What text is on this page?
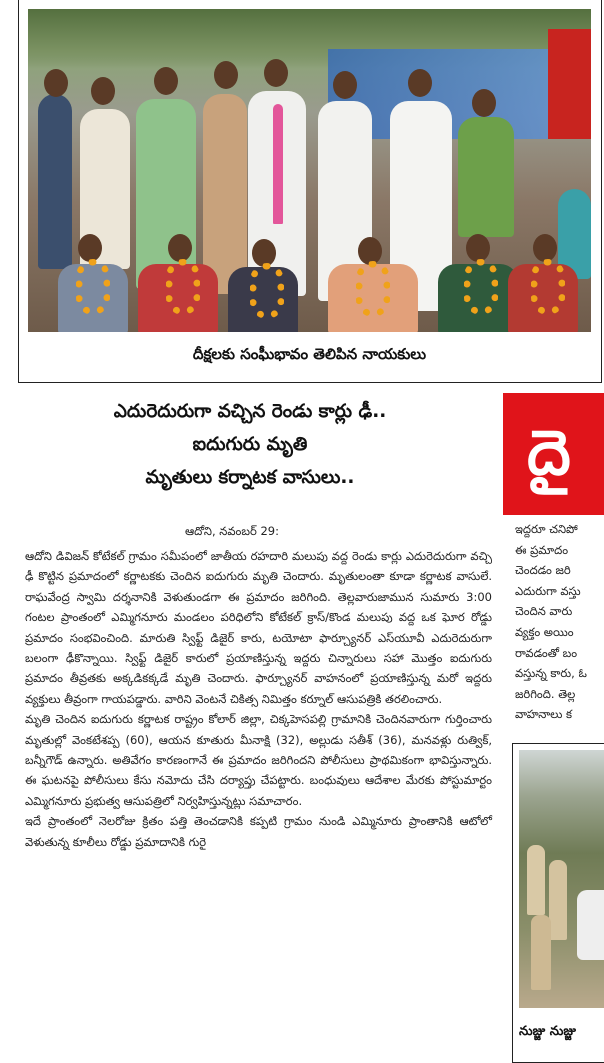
దీక్షలకు సంఘీభావం తెలిపిన నాయకులు
ఎదురెదురుగా వచ్చిన రెండు కార్లు ఢీ..
ఐదుగురు మృతి
మృతులు కర్నాటక వాసులు..
ఆదోని, నవంబర్ 29:

ఆదోని డివిజన్ కోటేకల్ గ్రామం సమీపంలో జాతీయ రహదారి మలుపు వద్ద రెండు కార్లు ఎదురెదురుగా వచ్చి ఢీ కొట్టిన ప్రమాదంలో కర్ణాటకకు చెందిన ఐదుగురు మృతి చెందారు. మృతులంతా కూడా కర్ణాటక వాసులే. రాఘవేంద్ర స్వామి దర్శనానికి వెళుతుండగా ఈ ప్రమాదం జరిగింది. తెల్లవారుజామున సుమారు 3:00 గంటల ప్రాంతంలో ఎమ్మిగనూరు మండలం పరిధిలోని కోటేకల్ క్రాస్/కొండ మలుపు వద్ద ఒక ఘోర రోడ్డు ప్రమాదం సంభవించింది. మారుతి స్విఫ్ట్ డిజైర్ కారు, టయోటా ఫార్చ్యూనర్ ఎస్‌యూవీ ఎదురెదురుగా బలంగా ఢీకొన్నాయి. స్విఫ్ట్ డిజైర్ కారులో ప్రయాణిస్తున్న ఇద్దరు చిన్నారులు సహా మొత్తం ఐదుగురు ప్రమాదం తీవ్రతకు అక్కడికక్కడే మృతి చెందారు. ఫార్చ్యూనర్ వాహనంలో ప్రయాణిస్తున్న మరో ఇద్దరు వ్యక్తులు తీవ్రంగా గాయపడ్డారు. వారిని వెంటనే చికిత్స నిమిత్తం కర్నూల్ ఆసుపత్రికి తరలించారు.

మృతి చెందిన ఐదుగురు కర్ణాటక రాష్ట్రం కోలార్ జిల్లా, చిక్కహెసపల్లి గ్రామానికి చెందినవారుగా గుర్తించారు మృతుల్లో వెంకటేశప్ప (60), ఆయన కూతురు మీనాక్షి (32), అల్లుడు సతీశ్ (36), మనవళ్లు రుత్విక్, బన్నీగౌడ్ ఉన్నారు. అతివేగం కారణంగానే ఈ ప్రమాదం జరిగిందని పోలీసులు ప్రాథమికంగా భావిస్తున్నారు. ఈ ఘటనపై పోలీసులు కేసు నమోదు చేసి దర్యాప్తు చేపట్టారు. బంధువులు ఆదేశాల మేరకు పోస్టుమార్టం ఎమ్మిగనూరు ప్రభుత్వ ఆసుపత్రిలో నిర్వహిస్తున్నట్లు సమాచారం.

ఇదే ప్రాంతంలో నెలరోజు క్రితం పత్తి తెంచడానికి కప్పటి గ్రామం నుండి ఎమ్మినూరు ప్రాంతానికి ఆటోలో వెళుతున్న కూలీలు రోడ్డు ప్రమాదానికి గురై

దై
ఇద్దరూ చనిపో
ఈ ప్రమాదం
చెందడం జరి
ఎదురుగా వస్తు
చెందిన వారు
వ్యక్తం అయిం
రావడంతో బం
వస్తున్న కారు, ఓ
జరిగింది. తెల్ల
వాహనాలు క
నుజ్జు నుజ్జు
